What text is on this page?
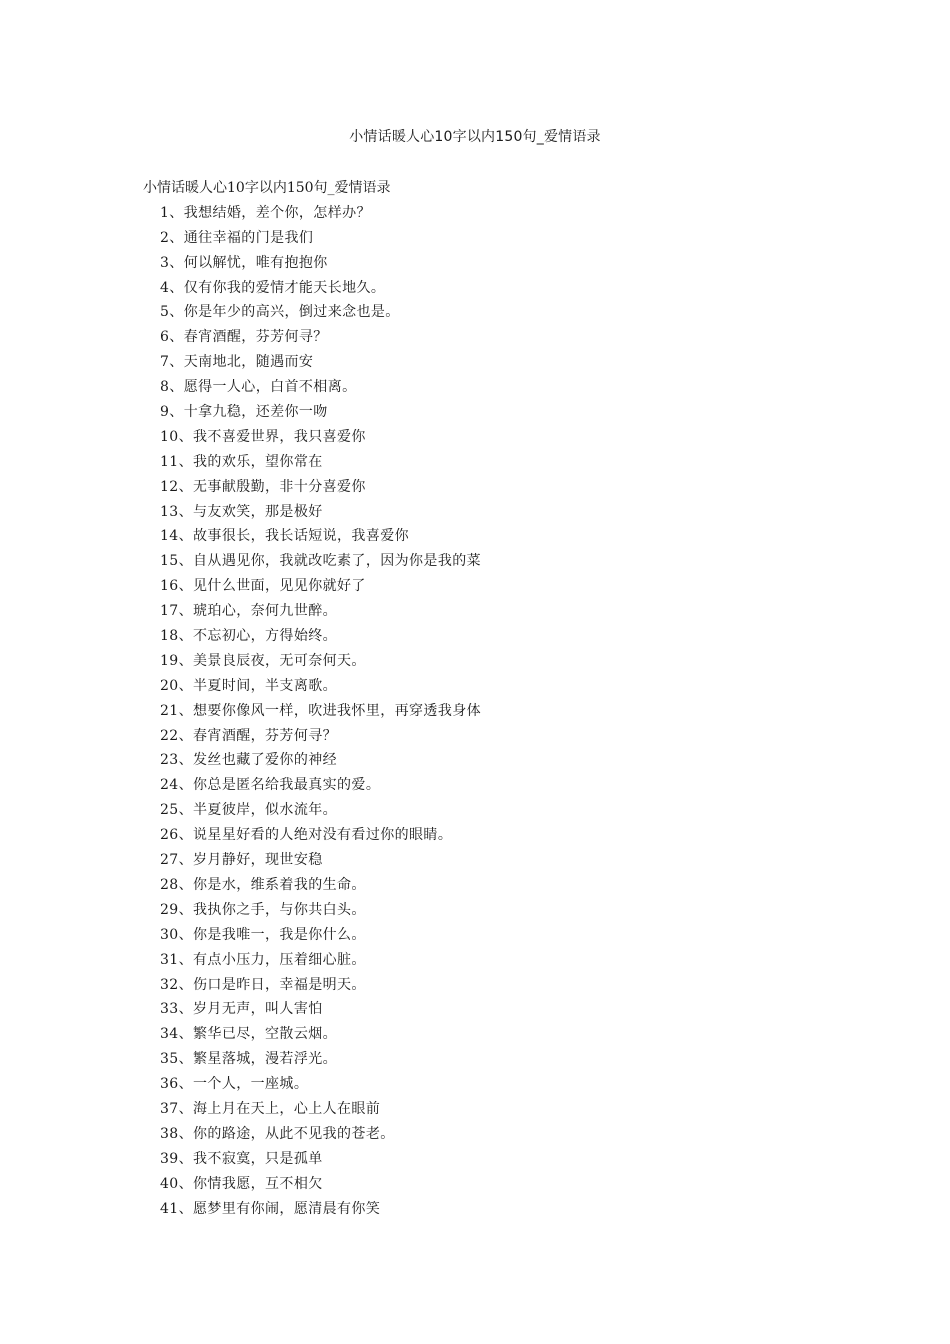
小情话暖人心10字以内150句_爱情语录
小情话暖人心10字以内150句_爱情语录
1、我想结婚，差个你，怎样办？
2、通往幸福的门是我们
3、何以解忧，唯有抱抱你
4、仅有你我的爱情才能天长地久。
5、你是年少的高兴，倒过来念也是。
6、春宵酒醒，芬芳何寻？
7、天南地北，随遇而安
8、愿得一人心，白首不相离。
9、十拿九稳，还差你一吻
10、我不喜爱世界，我只喜爱你
11、我的欢乐，望你常在
12、无事献殷勤，非十分喜爱你
13、与友欢笑，那是极好
14、故事很长，我长话短说，我喜爱你
15、自从遇见你，我就改吃素了，因为你是我的菜
16、见什么世面，见见你就好了
17、琥珀心，奈何九世醉。
18、不忘初心，方得始终。
19、美景良辰夜，无可奈何天。
20、半夏时间，半支离歌。
21、想要你像风一样，吹进我怀里，再穿透我身体
22、春宵酒醒，芬芳何寻？
23、发丝也藏了爱你的神经
24、你总是匿名给我最真实的爱。
25、半夏彼岸，似水流年。
26、说星星好看的人绝对没有看过你的眼睛。
27、岁月静好，现世安稳
28、你是水，维系着我的生命。
29、我执你之手，与你共白头。
30、你是我唯一，我是你什么。
31、有点小压力，压着细心脏。
32、伤口是昨日，幸福是明天。
33、岁月无声，叫人害怕
34、繁华已尽，空散云烟。
35、繁星落城，漫若浮光。
36、一个人，一座城。
37、海上月在天上，心上人在眼前
38、你的路途，从此不见我的苍老。
39、我不寂寞，只是孤单
40、你情我愿，互不相欠
41、愿梦里有你闹，愿清晨有你笑
